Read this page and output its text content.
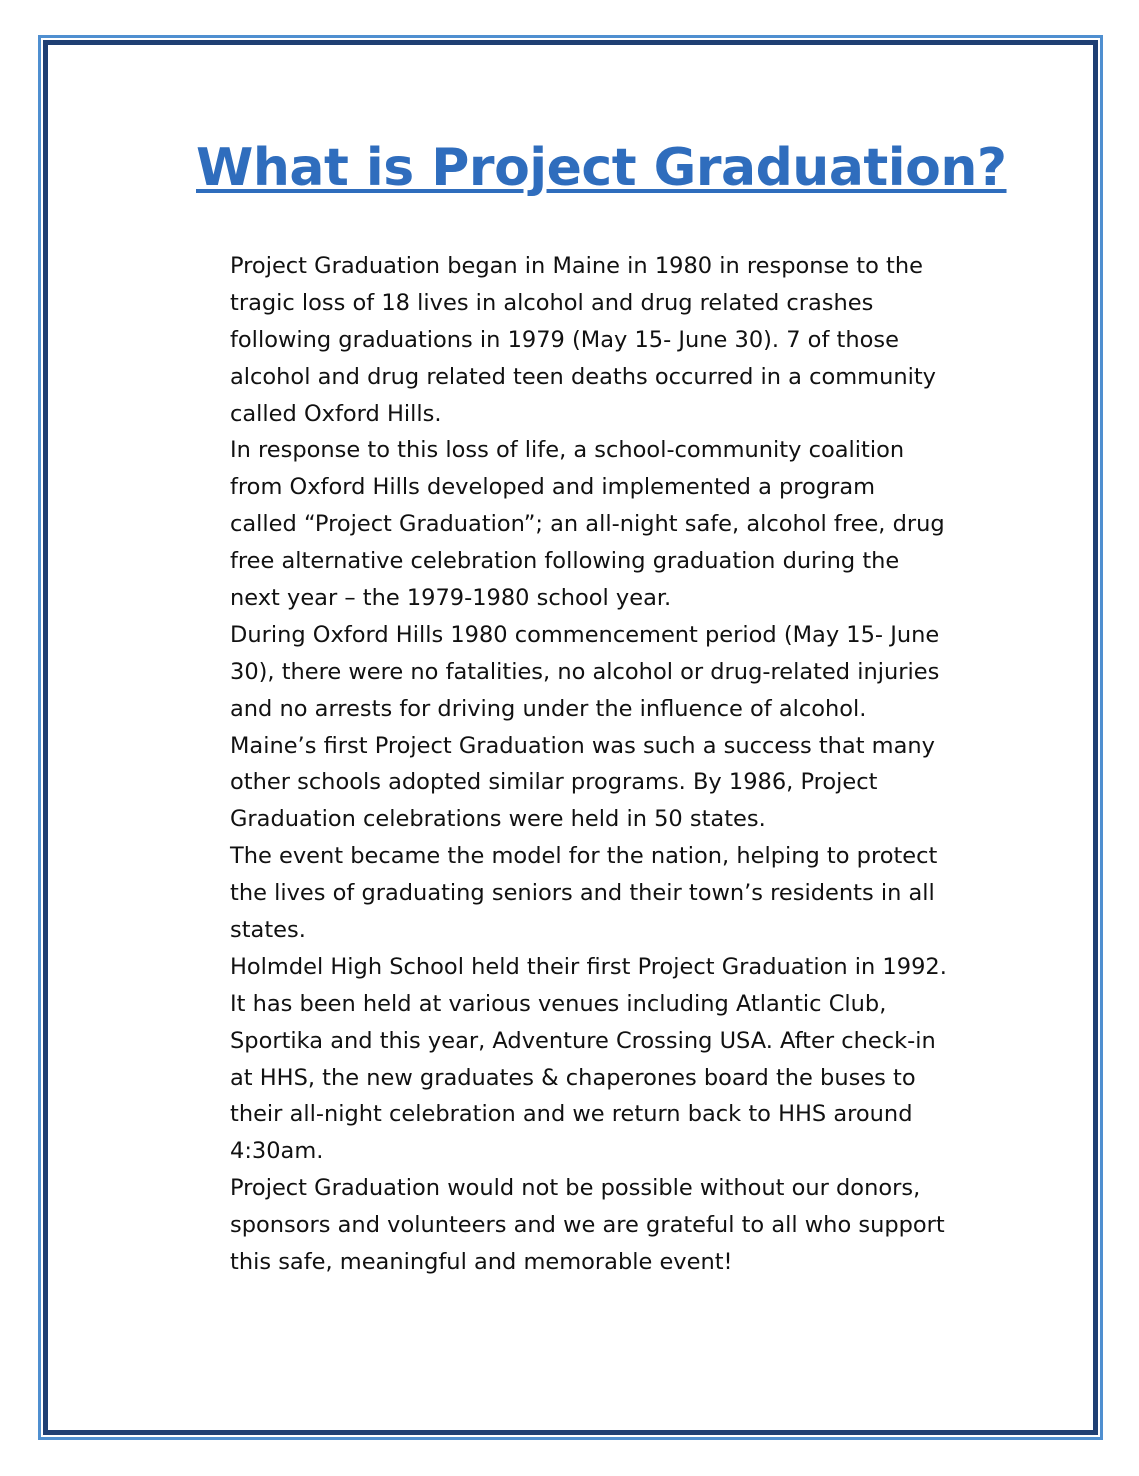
What is Project Graduation?
Project Graduation began in Maine in 1980 in response to the
tragic loss of 18 lives in alcohol and drug related crashes
following graduations in 1979 (May 15- June 30). 7 of those
alcohol and drug related teen deaths occurred in a community
called Oxford Hills.
In response to this loss of life, a school-community coalition
from Oxford Hills developed and implemented a program
called “Project Graduation”; an all-night safe, alcohol free, drug
free alternative celebration following graduation during the
next year – the 1979-1980 school year.
During Oxford Hills 1980 commencement period (May 15- June
30), there were no fatalities, no alcohol or drug-related injuries
and no arrests for driving under the influence of alcohol.
Maine’s first Project Graduation was such a success that many
other schools adopted similar programs. By 1986, Project
Graduation celebrations were held in 50 states.
The event became the model for the nation, helping to protect
the lives of graduating seniors and their town’s residents in all
states.
Holmdel High School held their first Project Graduation in 1992.
It has been held at various venues including Atlantic Club,
Sportika and this year, Adventure Crossing USA. After check-in
at HHS, the new graduates & chaperones board the buses to
their all-night celebration and we return back to HHS around
4:30am.
Project Graduation would not be possible without our donors,
sponsors and volunteers and we are grateful to all who support
this safe, meaningful and memorable event!
